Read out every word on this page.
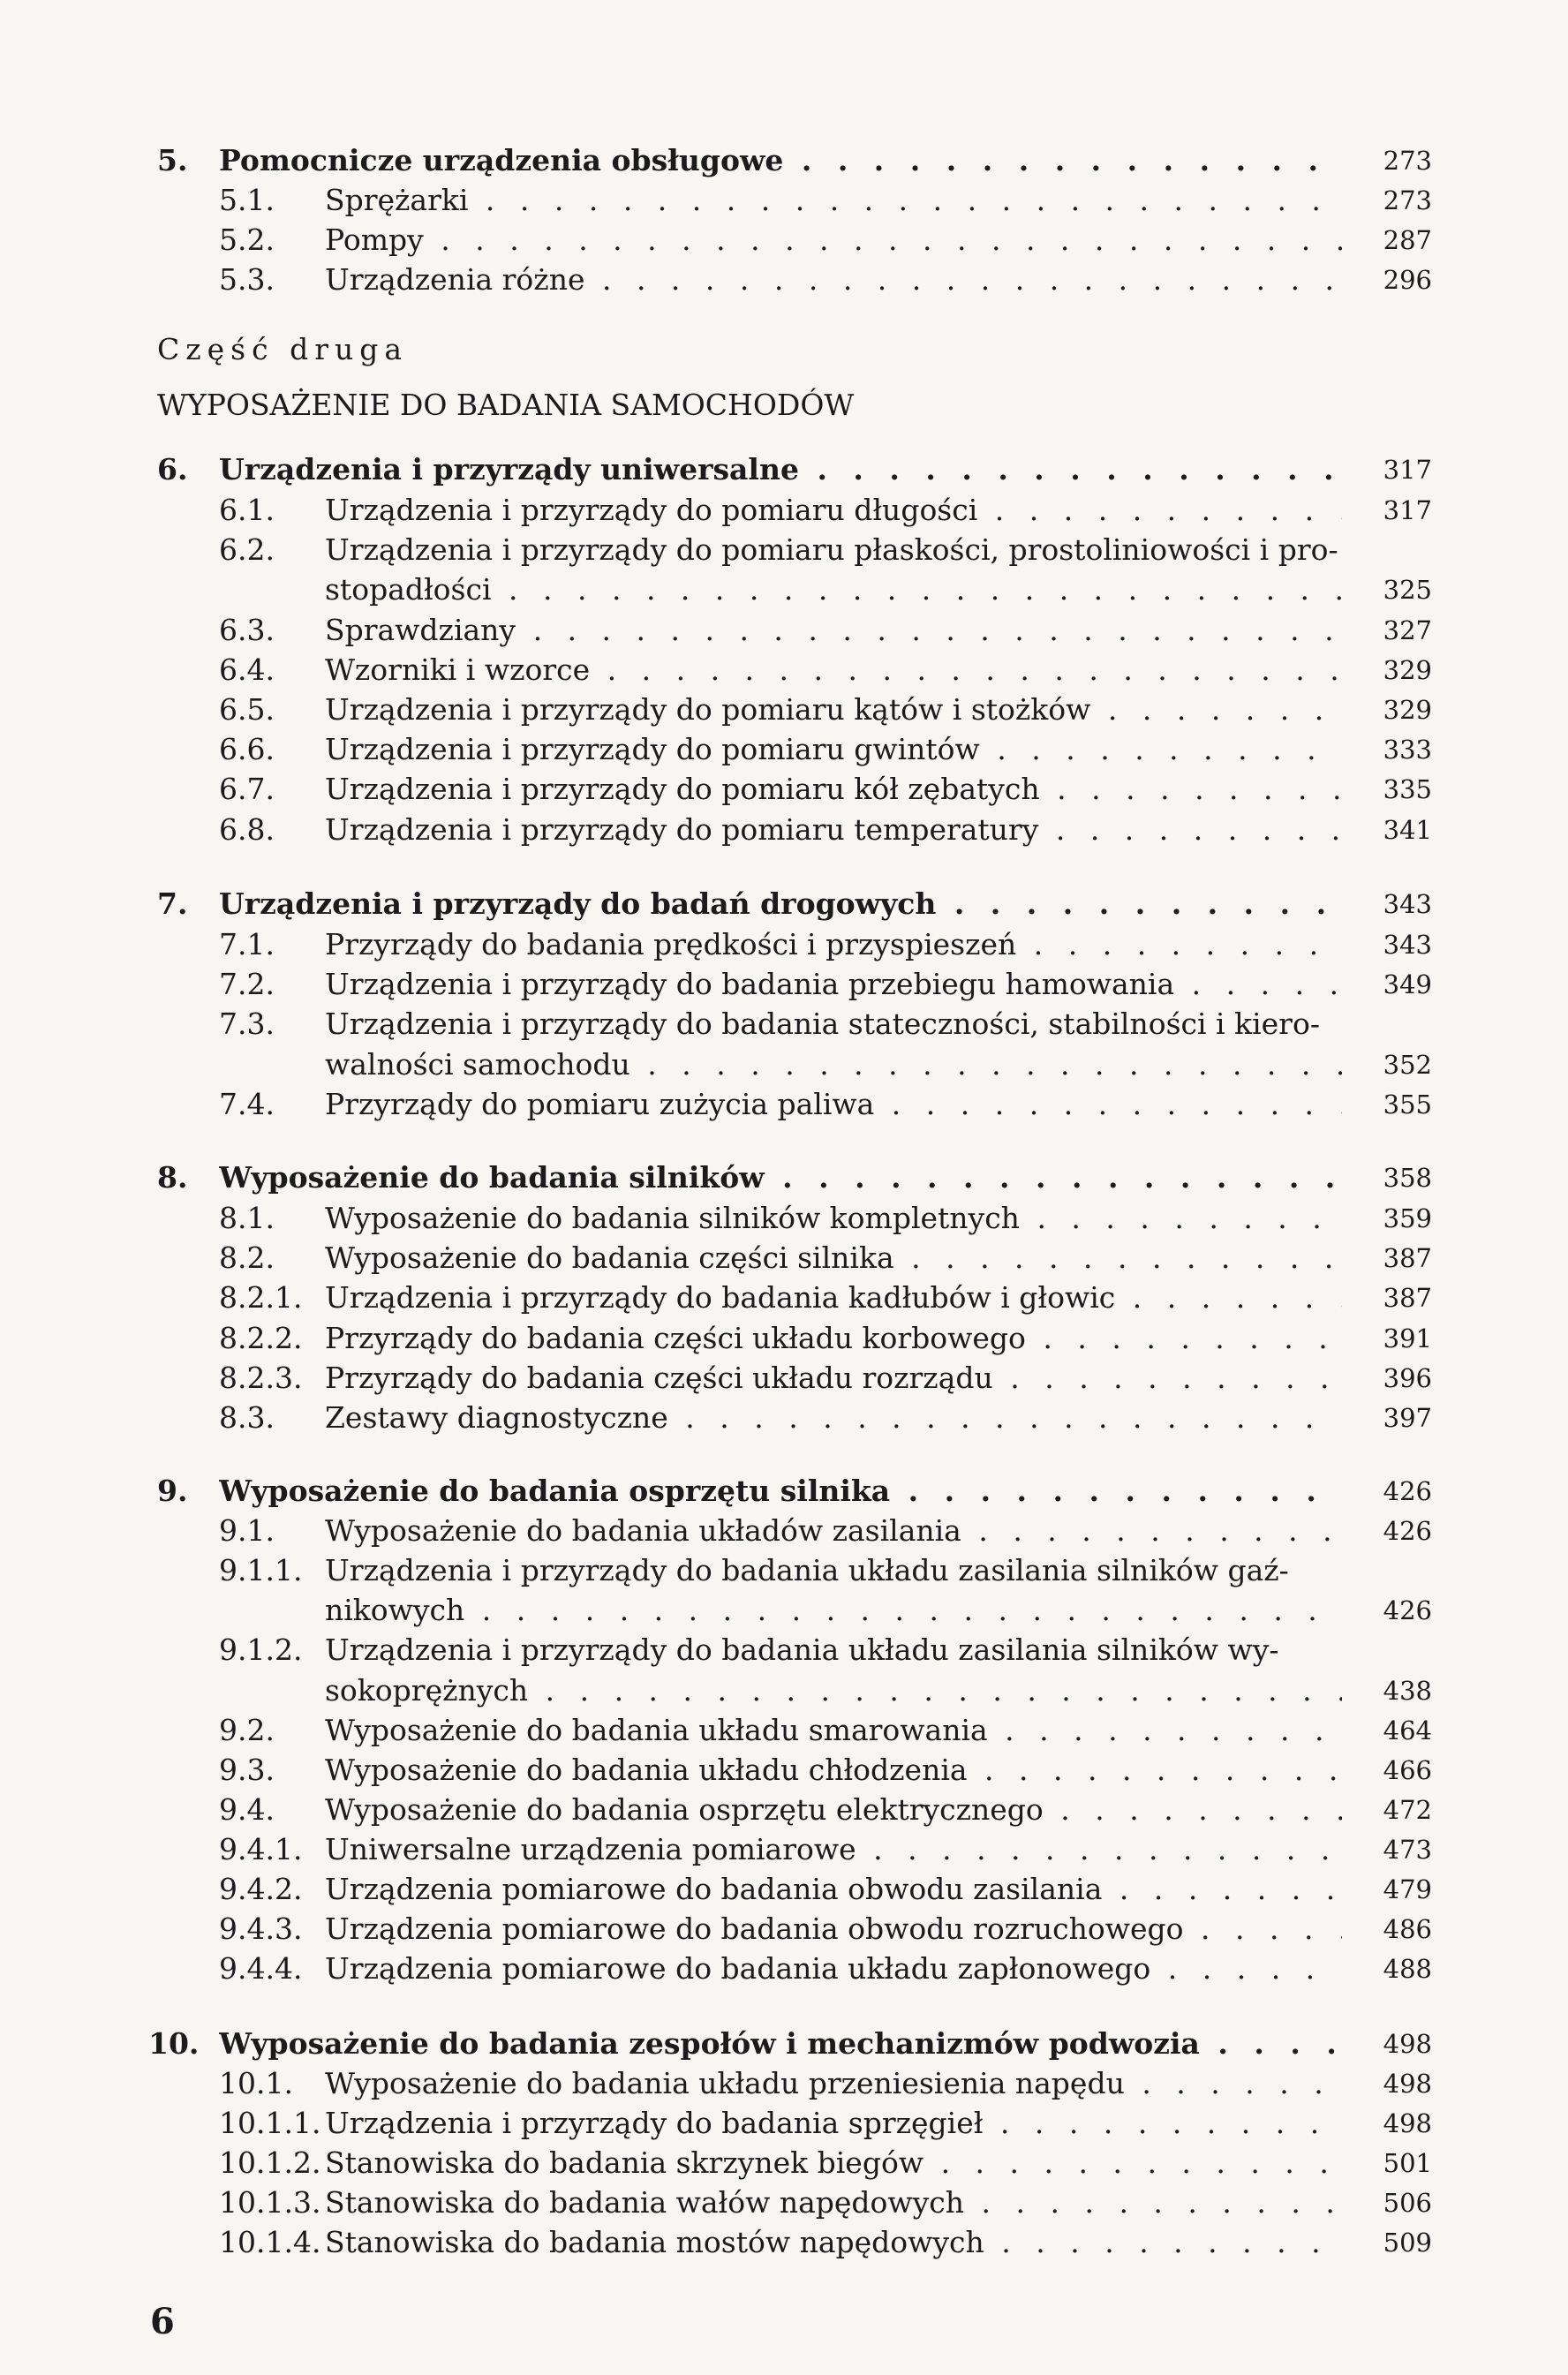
Część druga
WYPOSAŻENIE DO BADANIA SAMOCHODÓW
5. Pomocnicze urządzenia obsługowe . . .	273
5.1. Sprężarki . . .	273
5.2. Pompy . . .	287
5.3. Urządzenia różne . . .	296
6. Urządzenia i przyrządy uniwersalne . . .	317
6.1. Urządzenia i przyrządy do pomiaru długości . . .	317
6.2. Urządzenia i przyrządy do pomiaru płaskości, prostoliniowości i pro-
stopadłości . . .	325
6.3. Sprawdziany . . .	327
6.4. Wzorniki i wzorce . . .	329
6.5. Urządzenia i przyrządy do pomiaru kątów i stożków . . .	329
6.6. Urządzenia i przyrządy do pomiaru gwintów . . .	333
6.7. Urządzenia i przyrządy do pomiaru kół zębatych . . .	335
6.8. Urządzenia i przyrządy do pomiaru temperatury . . .	341
7. Urządzenia i przyrządy do badań drogowych . . .	343
7.1. Przyrządy do badania prędkości i przyspieszeń . . .	343
7.2. Urządzenia i przyrządy do badania przebiegu hamowania . . .	349
7.3. Urządzenia i przyrządy do badania stateczności, stabilności i kiero-
walności samochodu . . .	352
7.4. Przyrządy do pomiaru zużycia paliwa . . .	355
8. Wyposażenie do badania silników . . .	358
8.1. Wyposażenie do badania silników kompletnych . . .	359
8.2. Wyposażenie do badania części silnika . . .	387
8.2.1. Urządzenia i przyrządy do badania kadłubów i głowic . . .	387
8.2.2. Przyrządy do badania części układu korbowego . . .	391
8.2.3. Przyrządy do badania części układu rozrządu . . .	396
8.3. Zestawy diagnostyczne . . .	397
9. Wyposażenie do badania osprzętu silnika . . .	426
9.1. Wyposażenie do badania układów zasilania . . .	426
9.1.1. Urządzenia i przyrządy do badania układu zasilania silników gaź-
nikowych . . .	426
9.1.2. Urządzenia i przyrządy do badania układu zasilania silników wy-
sokoprężnych . . .	438
9.2. Wyposażenie do badania układu smarowania . . .	464
9.3. Wyposażenie do badania układu chłodzenia . . .	466
9.4. Wyposażenie do badania osprzętu elektrycznego . . .	472
9.4.1. Uniwersalne urządzenia pomiarowe . . .	473
9.4.2. Urządzenia pomiarowe do badania obwodu zasilania . . .	479
9.4.3. Urządzenia pomiarowe do badania obwodu rozruchowego . . .	486
9.4.4. Urządzenia pomiarowe do badania układu zapłonowego . . .	488
10. Wyposażenie do badania zespołów i mechanizmów podwozia . . .	498
10.1. Wyposażenie do badania układu przeniesienia napędu . . .	498
10.1.1. Urządzenia i przyrządy do badania sprzęgieł . . .	498
10.1.2. Stanowiska do badania skrzynek biegów . . .	501
10.1.3. Stanowiska do badania wałów napędowych . . .	506
10.1.4. Stanowiska do badania mostów napędowych . . .	509
6
